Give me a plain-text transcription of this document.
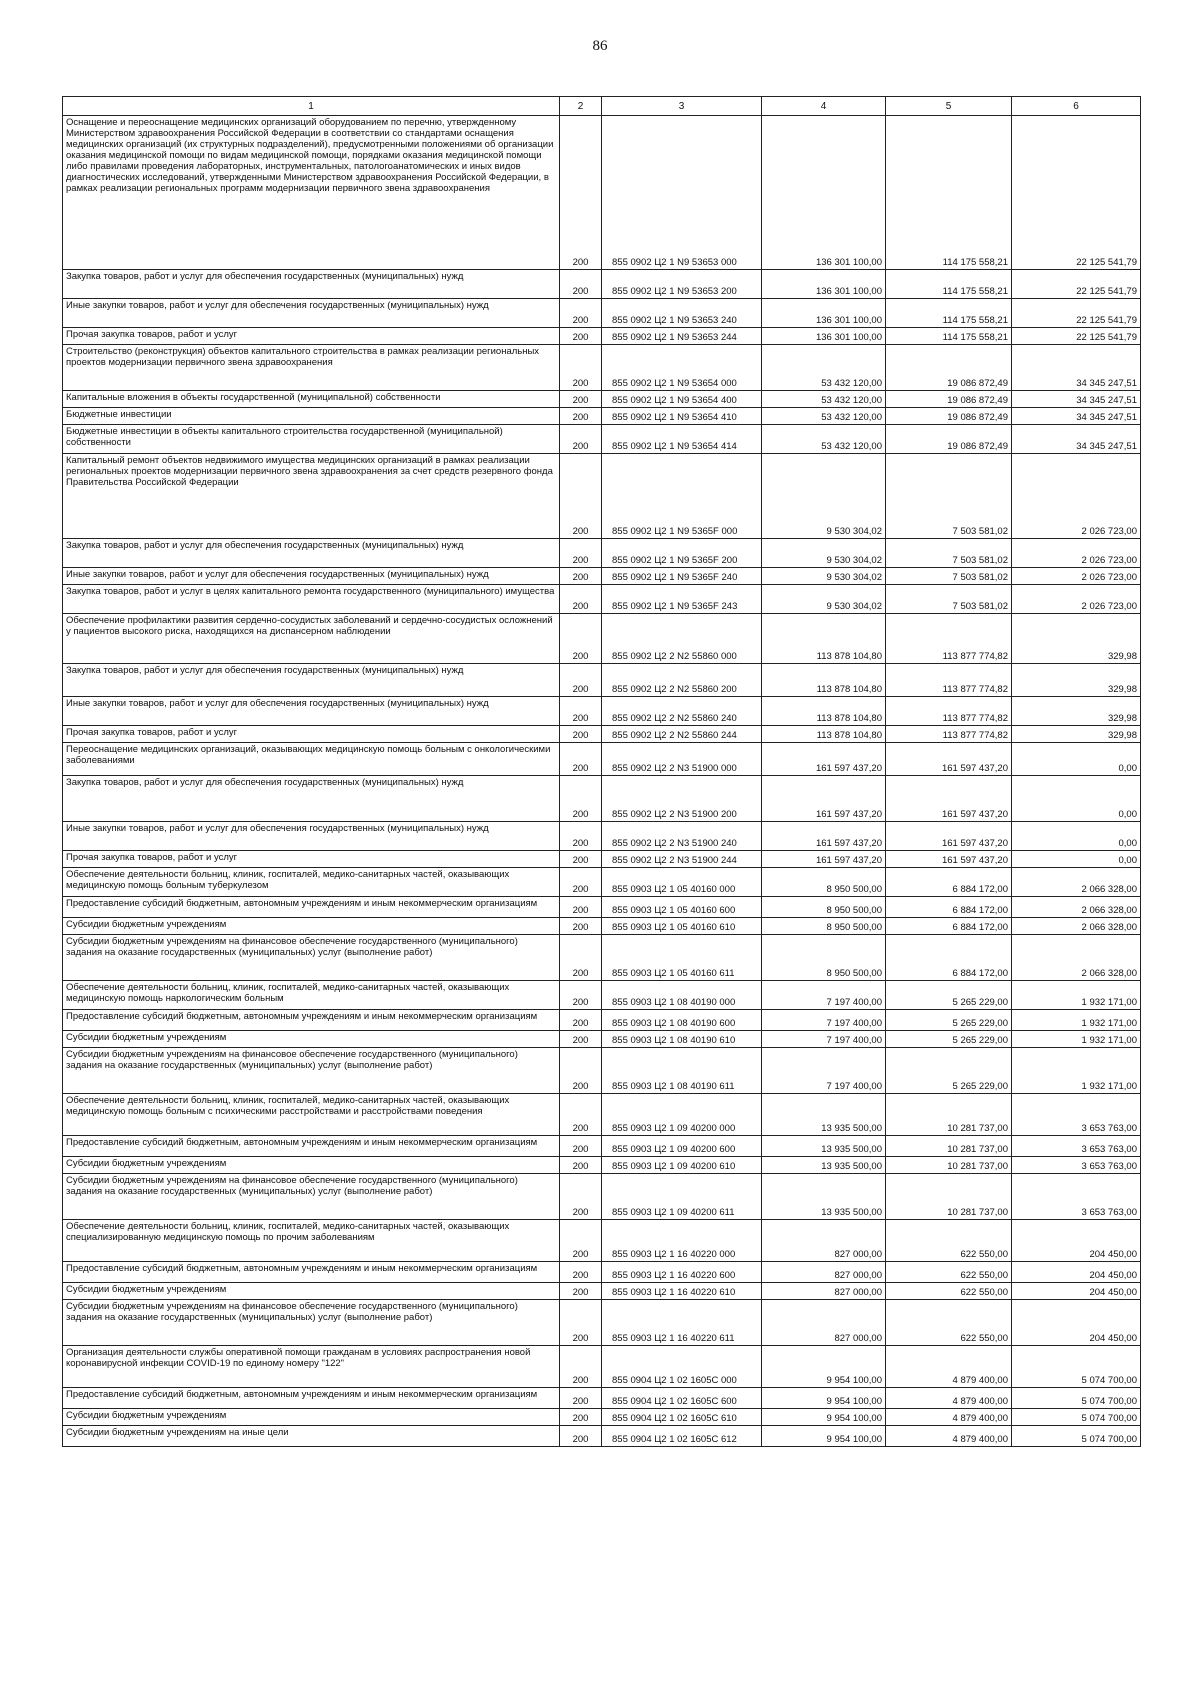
86
1	2	3	4	5	6
Оснащение и переоснащение медицинских организаций оборудованием по перечню, утвержденному Министерством здравоохранения Российской Федерации в соответствии со стандартами оснащения медицинских организаций (их структурных подразделений), предусмотренными положениями об организации оказания медицинской помощи по видам медицинской помощи, порядками оказания медицинской помощи либо правилами проведения лабораторных, инструментальных, патологоанатомических и иных видов диагностических исследований, утвержденными Министерством здравоохранения Российской Федерации, в рамках реализации региональных программ модернизации первичного звена здравоохранения	200	855 0902 Ц2 1 N9 53653 000	136 301 100,00	114 175 558,21	22 125 541,79
Закупка товаров, работ и услуг для обеспечения государственных (муниципальных) нужд	200	855 0902 Ц2 1 N9 53653 200	136 301 100,00	114 175 558,21	22 125 541,79
Иные закупки товаров, работ и услуг для обеспечения государственных (муниципальных) нужд	200	855 0902 Ц2 1 N9 53653 240	136 301 100,00	114 175 558,21	22 125 541,79
Прочая закупка товаров, работ и услуг	200	855 0902 Ц2 1 N9 53653 244	136 301 100,00	114 175 558,21	22 125 541,79
Строительство (реконструкция) объектов капитального строительства в рамках реализации региональных проектов модернизации первичного звена здравоохранения	200	855 0902 Ц2 1 N9 53654 000	53 432 120,00	19 086 872,49	34 345 247,51
Капитальные вложения в объекты государственной (муниципальной) собственности	200	855 0902 Ц2 1 N9 53654 400	53 432 120,00	19 086 872,49	34 345 247,51
Бюджетные инвестиции	200	855 0902 Ц2 1 N9 53654 410	53 432 120,00	19 086 872,49	34 345 247,51
Бюджетные инвестиции в объекты капитального строительства государственной (муниципальной) собственности	200	855 0902 Ц2 1 N9 53654 414	53 432 120,00	19 086 872,49	34 345 247,51
Капитальный ремонт объектов недвижимого имущества медицинских организаций в рамках реализации региональных проектов модернизации первичного звена здравоохранения за счет средств резервного фонда Правительства Российской Федерации	200	855 0902 Ц2 1 N9 5365F 000	9 530 304,02	7 503 581,02	2 026 723,00
Закупка товаров, работ и услуг для обеспечения государственных (муниципальных) нужд	200	855 0902 Ц2 1 N9 5365F 200	9 530 304,02	7 503 581,02	2 026 723,00
Иные закупки товаров, работ и услуг для обеспечения государственных (муниципальных) нужд	200	855 0902 Ц2 1 N9 5365F 240	9 530 304,02	7 503 581,02	2 026 723,00
Закупка товаров, работ и услуг в целях капитального ремонта государственного (муниципального) имущества	200	855 0902 Ц2 1 N9 5365F 243	9 530 304,02	7 503 581,02	2 026 723,00
Обеспечение профилактики развития сердечно-сосудистых заболеваний и сердечно-сосудистых осложнений у пациентов высокого риска, находящихся на диспансерном наблюдении	200	855 0902 Ц2 2 N2 55860 000	113 878 104,80	113 877 774,82	329,98
Закупка товаров, работ и услуг для обеспечения государственных (муниципальных) нужд	200	855 0902 Ц2 2 N2 55860 200	113 878 104,80	113 877 774,82	329,98
Иные закупки товаров, работ и услуг для обеспечения государственных (муниципальных) нужд	200	855 0902 Ц2 2 N2 55860 240	113 878 104,80	113 877 774,82	329,98
Прочая закупка товаров, работ и услуг	200	855 0902 Ц2 2 N2 55860 244	113 878 104,80	113 877 774,82	329,98
Переоснащение медицинских организаций, оказывающих медицинскую помощь больным с онкологическими заболеваниями	200	855 0902 Ц2 2 N3 51900 000	161 597 437,20	161 597 437,20	0,00
Закупка товаров, работ и услуг для обеспечения государственных (муниципальных) нужд	200	855 0902 Ц2 2 N3 51900 200	161 597 437,20	161 597 437,20	0,00
Иные закупки товаров, работ и услуг для обеспечения государственных (муниципальных) нужд	200	855 0902 Ц2 2 N3 51900 240	161 597 437,20	161 597 437,20	0,00
Прочая закупка товаров, работ и услуг	200	855 0902 Ц2 2 N3 51900 244	161 597 437,20	161 597 437,20	0,00
Обеспечение деятельности больниц, клиник, госпиталей, медико-санитарных частей, оказывающих медицинскую помощь больным туберкулезом	200	855 0903 Ц2 1 05 40160 000	8 950 500,00	6 884 172,00	2 066 328,00
Предоставление субсидий бюджетным, автономным учреждениям и иным некоммерческим организациям	200	855 0903 Ц2 1 05 40160 600	8 950 500,00	6 884 172,00	2 066 328,00
Субсидии бюджетным учреждениям	200	855 0903 Ц2 1 05 40160 610	8 950 500,00	6 884 172,00	2 066 328,00
Субсидии бюджетным учреждениям на финансовое обеспечение государственного (муниципального) задания на оказание государственных (муниципальных) услуг (выполнение работ)	200	855 0903 Ц2 1 05 40160 611	8 950 500,00	6 884 172,00	2 066 328,00
Обеспечение деятельности больниц, клиник, госпиталей, медико-санитарных частей, оказывающих медицинскую помощь наркологическим больным	200	855 0903 Ц2 1 08 40190 000	7 197 400,00	5 265 229,00	1 932 171,00
Предоставление субсидий бюджетным, автономным учреждениям и иным некоммерческим организациям	200	855 0903 Ц2 1 08 40190 600	7 197 400,00	5 265 229,00	1 932 171,00
Субсидии бюджетным учреждениям	200	855 0903 Ц2 1 08 40190 610	7 197 400,00	5 265 229,00	1 932 171,00
Субсидии бюджетным учреждениям на финансовое обеспечение государственного (муниципального) задания на оказание государственных (муниципальных) услуг (выполнение работ)	200	855 0903 Ц2 1 08 40190 611	7 197 400,00	5 265 229,00	1 932 171,00
Обеспечение деятельности больниц, клиник, госпиталей, медико-санитарных частей, оказывающих медицинскую помощь больным с психическими расстройствами и расстройствами поведения	200	855 0903 Ц2 1 09 40200 000	13 935 500,00	10 281 737,00	3 653 763,00
Предоставление субсидий бюджетным, автономным учреждениям и иным некоммерческим организациям	200	855 0903 Ц2 1 09 40200 600	13 935 500,00	10 281 737,00	3 653 763,00
Субсидии бюджетным учреждениям	200	855 0903 Ц2 1 09 40200 610	13 935 500,00	10 281 737,00	3 653 763,00
Субсидии бюджетным учреждениям на финансовое обеспечение государственного (муниципального) задания на оказание государственных (муниципальных) услуг (выполнение работ)	200	855 0903 Ц2 1 09 40200 611	13 935 500,00	10 281 737,00	3 653 763,00
Обеспечение деятельности больниц, клиник, госпиталей, медико-санитарных частей, оказывающих специализированную медицинскую помощь по прочим заболеваниям	200	855 0903 Ц2 1 16 40220 000	827 000,00	622 550,00	204 450,00
Предоставление субсидий бюджетным, автономным учреждениям и иным некоммерческим организациям	200	855 0903 Ц2 1 16 40220 600	827 000,00	622 550,00	204 450,00
Субсидии бюджетным учреждениям	200	855 0903 Ц2 1 16 40220 610	827 000,00	622 550,00	204 450,00
Субсидии бюджетным учреждениям на финансовое обеспечение государственного (муниципального) задания на оказание государственных (муниципальных) услуг (выполнение работ)	200	855 0903 Ц2 1 16 40220 611	827 000,00	622 550,00	204 450,00
Организация деятельности службы оперативной помощи гражданам в условиях распространения новой коронавирусной инфекции COVID-19 по единому номеру "122"	200	855 0904 Ц2 1 02 1605C 000	9 954 100,00	4 879 400,00	5 074 700,00
Предоставление субсидий бюджетным, автономным учреждениям и иным некоммерческим организациям	200	855 0904 Ц2 1 02 1605C 600	9 954 100,00	4 879 400,00	5 074 700,00
Субсидии бюджетным учреждениям	200	855 0904 Ц2 1 02 1605C 610	9 954 100,00	4 879 400,00	5 074 700,00
Субсидии бюджетным учреждениям на иные цели	200	855 0904 Ц2 1 02 1605C 612	9 954 100,00	4 879 400,00	5 074 700,00
